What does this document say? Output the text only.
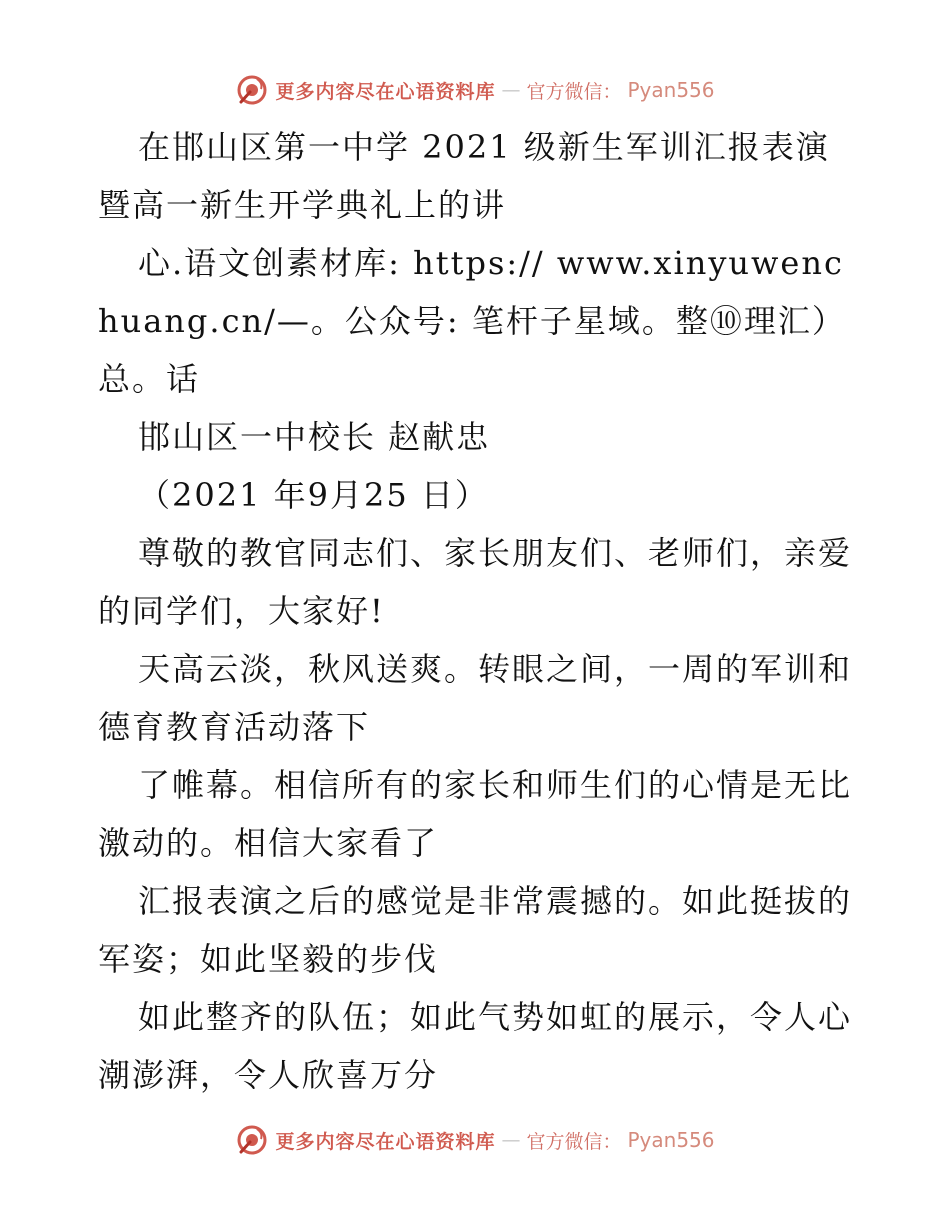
更多内容尽在心语资料库 — 官方微信： Pyan556

在邯山区第一中学 2021 级新生军训汇报表演暨高一新生开学典礼上的讲

心.语文创素材库: https:// www.xinyuwenchuang.cn/—。公众号: 笔杆子星域。整⑩理汇）总。话

邯山区一中校长 赵献忠

（2021 年9月25 日）

尊敬的教官同志们、家长朋友们、老师们，亲爱的同学们，大家好!

天高云淡，秋风送爽。转眼之间，一周的军训和德育教育活动落下

了帷幕。相信所有的家长和师生们的心情是无比激动的。相信大家看了

汇报表演之后的感觉是非常震撼的。如此挺拔的军姿；如此坚毅的步伐

如此整齐的队伍；如此气势如虹的展示，令人心潮澎湃，令人欣喜万分

更多内容尽在心语资料库 — 官方微信： Pyan556
